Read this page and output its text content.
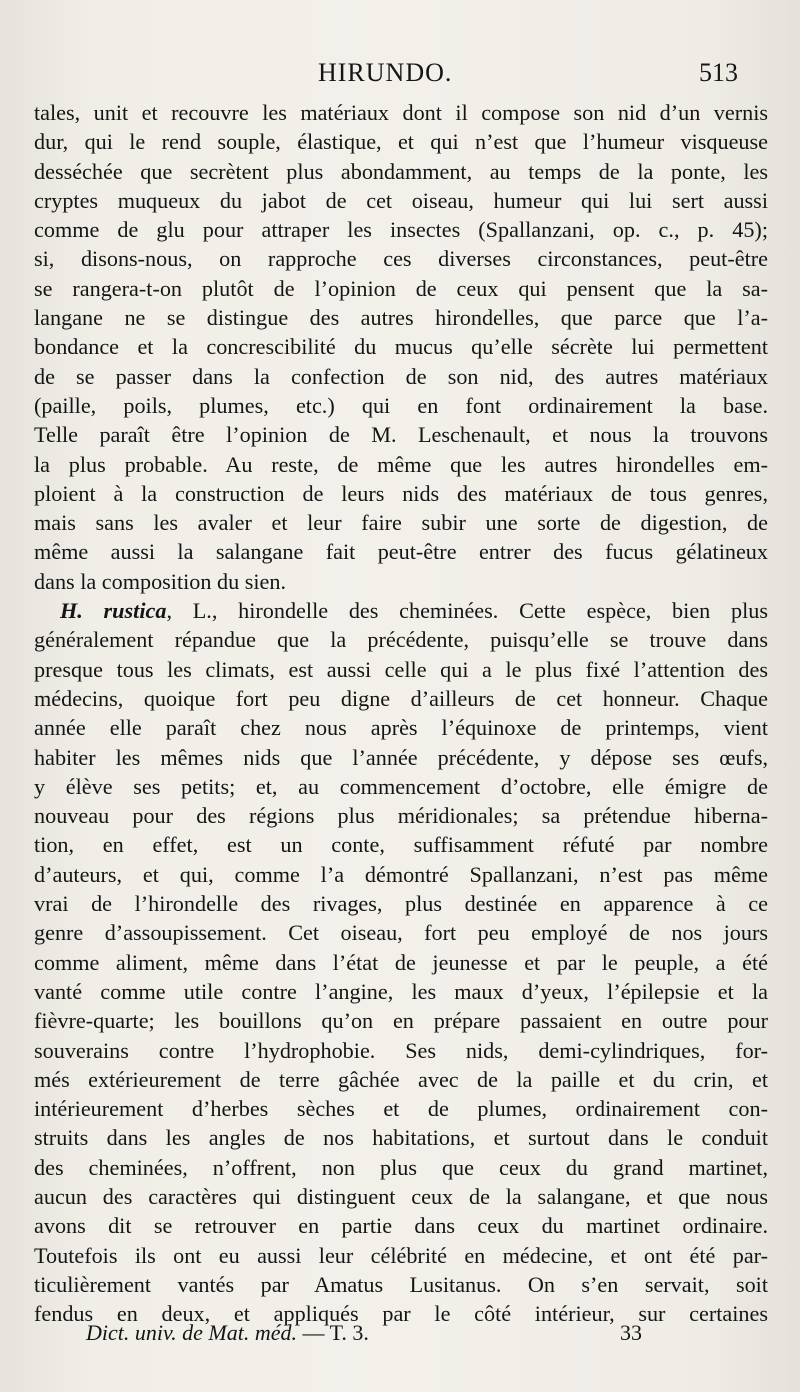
HIRUNDO.	513
tales, unit et recouvre les matériaux dont il compose son nid d’un vernis
dur, qui le rend souple, élastique, et qui n’est que l’humeur visqueuse
desséchée que secrètent plus abondamment, au temps de la ponte, les
cryptes muqueux du jabot de cet oiseau, humeur qui lui sert aussi
comme de glu pour attraper les insectes (Spallanzani, op. c., p. 45);
si, disons-nous, on rapproche ces diverses circonstances, peut-être
se rangera-t-on plutôt de l’opinion de ceux qui pensent que la sa-
langane ne se distingue des autres hirondelles, que parce que l’a-
bondance et la concrescibilité du mucus qu’elle sécrète lui permettent
de se passer dans la confection de son nid, des autres matériaux
(paille, poils, plumes, etc.) qui en font ordinairement la base.
Telle paraît être l’opinion de M. Leschenault, et nous la trouvons
la plus probable. Au reste, de même que les autres hirondelles em-
ploient à la construction de leurs nids des matériaux de tous genres,
mais sans les avaler et leur faire subir une sorte de digestion, de
même aussi la salangane fait peut-être entrer des fucus gélatineux
dans la composition du sien.
H. rustica, L., hirondelle des cheminées. Cette espèce, bien plus
généralement répandue que la précédente, puisqu’elle se trouve dans
presque tous les climats, est aussi celle qui a le plus fixé l’attention des
médecins, quoique fort peu digne d’ailleurs de cet honneur. Chaque
année elle paraît chez nous après l’équinoxe de printemps, vient
habiter les mêmes nids que l’année précédente, y dépose ses œufs,
y élève ses petits; et, au commencement d’octobre, elle émigre de
nouveau pour des régions plus méridionales; sa prétendue hiberna-
tion, en effet, est un conte, suffisamment réfuté par nombre
d’auteurs, et qui, comme l’a démontré Spallanzani, n’est pas même
vrai de l’hirondelle des rivages, plus destinée en apparence à ce
genre d’assoupissement. Cet oiseau, fort peu employé de nos jours
comme aliment, même dans l’état de jeunesse et par le peuple, a été
vanté comme utile contre l’angine, les maux d’yeux, l’épilepsie et la
fièvre-quarte; les bouillons qu’on en prépare passaient en outre pour
souverains contre l’hydrophobie. Ses nids, demi-cylindriques, for-
més extérieurement de terre gâchée avec de la paille et du crin, et
intérieurement d’herbes sèches et de plumes, ordinairement con-
struits dans les angles de nos habitations, et surtout dans le conduit
des cheminées, n’offrent, non plus que ceux du grand martinet,
aucun des caractères qui distinguent ceux de la salangane, et que nous
avons dit se retrouver en partie dans ceux du martinet ordinaire.
Toutefois ils ont eu aussi leur célébrité en médecine, et ont été par-
ticulièrement vantés par Amatus Lusitanus. On s’en servait, soit
fendus en deux, et appliqués par le côté intérieur, sur certaines
Dict. univ. de Mat. méd. — T. 3.	33
